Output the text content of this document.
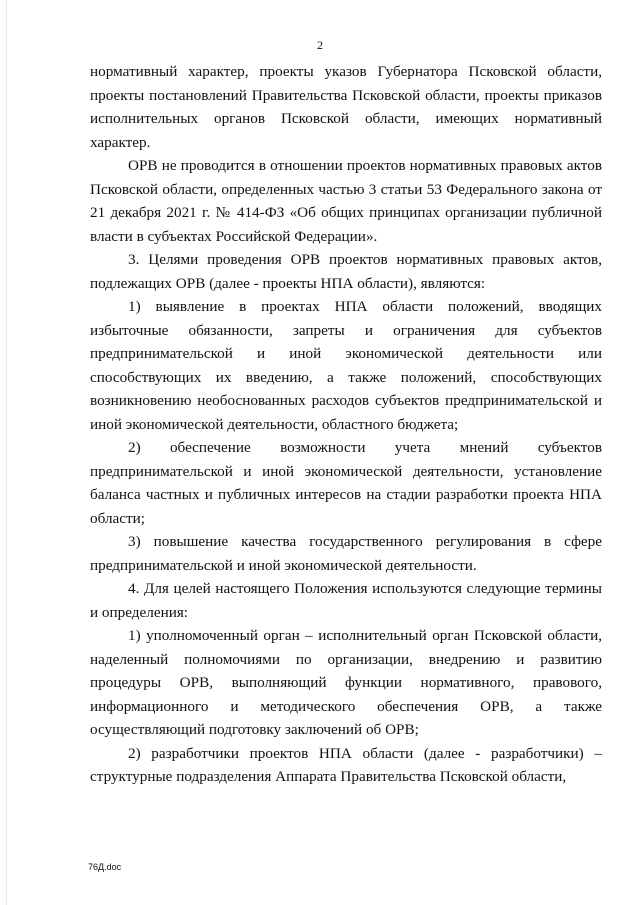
2

нормативный характер, проекты указов Губернатора Псковской области, проекты постановлений Правительства Псковской области, проекты приказов исполнительных органов Псковской области, имеющих нормативный характер.

ОРВ не проводится в отношении проектов нормативных правовых актов Псковской области, определенных частью 3 статьи 53 Федерального закона от 21 декабря 2021 г. № 414-ФЗ «Об общих принципах организации публичной власти в субъектах Российской Федерации».

3. Целями проведения ОРВ проектов нормативных правовых актов, подлежащих ОРВ (далее - проекты НПА области), являются:

1) выявление в проектах НПА области положений, вводящих избыточные обязанности, запреты и ограничения для субъектов предпринимательской и иной экономической деятельности или способствующих их введению, а также положений, способствующих возникновению необоснованных расходов субъектов предпринимательской и иной экономической деятельности, областного бюджета;

2) обеспечение возможности учета мнений субъектов предпринимательской и иной экономической деятельности, установление баланса частных и публичных интересов на стадии разработки проекта НПА области;

3) повышение качества государственного регулирования в сфере предпринимательской и иной экономической деятельности.

4. Для целей настоящего Положения используются следующие термины и определения:

1) уполномоченный орган – исполнительный орган Псковской области, наделенный полномочиями по организации, внедрению и развитию процедуры ОРВ, выполняющий функции нормативного, правового, информационного и методического обеспечения ОРВ, а также осуществляющий подготовку заключений об ОРВ;

2) разработчики проектов НПА области (далее - разработчики) – структурные подразделения Аппарата Правительства Псковской области,

76Д.doc
